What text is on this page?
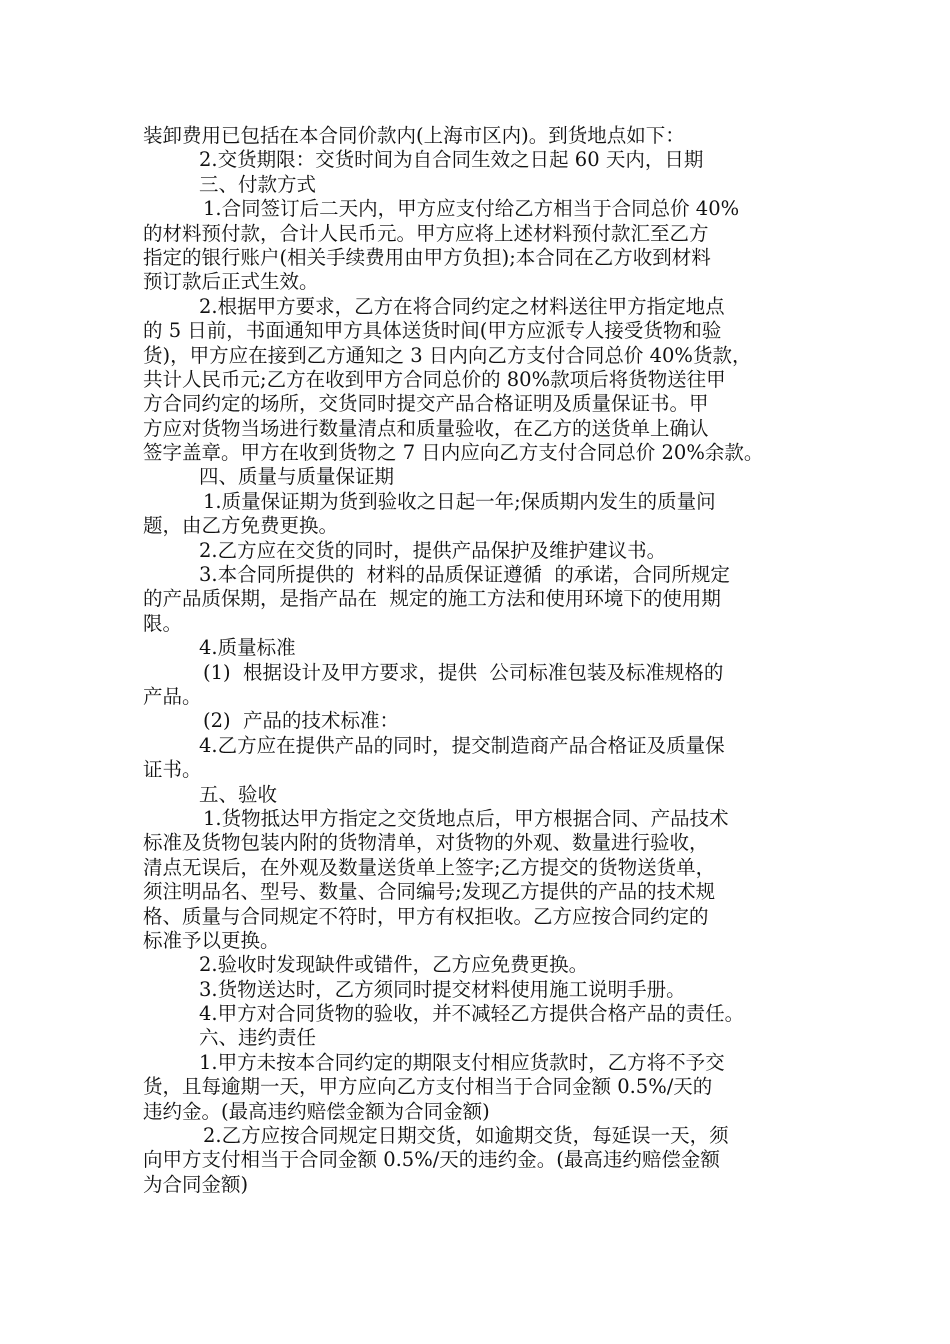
装卸费用已包括在本合同价款内(上海市区内)。到货地点如下：
2.交货期限：交货时间为自合同生效之日起 60 天内，日期
三、付款方式
1.合同签订后二天内，甲方应支付给乙方相当于合同总价 40%
的材料预付款，合计人民币元。甲方应将上述材料预付款汇至乙方
指定的银行账户(相关手续费用由甲方负担);本合同在乙方收到材料
预订款后正式生效。
2.根据甲方要求，乙方在将合同约定之材料送往甲方指定地点
的 5 日前，书面通知甲方具体送货时间(甲方应派专人接受货物和验
货)，甲方应在接到乙方通知之 3 日内向乙方支付合同总价 40%货款，
共计人民币元;乙方在收到甲方合同总价的 80%款项后将货物送往甲
方合同约定的场所，交货同时提交产品合格证明及质量保证书。甲
方应对货物当场进行数量清点和质量验收，在乙方的送货单上确认
签字盖章。甲方在收到货物之 7 日内应向乙方支付合同总价 20%余款。
四、质量与质量保证期
1.质量保证期为货到验收之日起一年;保质期内发生的质量问
题，由乙方免费更换。
2.乙方应在交货的同时，提供产品保护及维护建议书。
3.本合同所提供的  材料的品质保证遵循  的承诺，合同所规定
的产品质保期，是指产品在  规定的施工方法和使用环境下的使用期
限。
4.质量标准
(1)  根据设计及甲方要求，提供  公司标准包装及标准规格的
产品。
(2)  产品的技术标准：
4.乙方应在提供产品的同时，提交制造商产品合格证及质量保
证书。
五、验收
1.货物抵达甲方指定之交货地点后，甲方根据合同、产品技术
标准及货物包装内附的货物清单，对货物的外观、数量进行验收，
清点无误后，在外观及数量送货单上签字;乙方提交的货物送货单，
须注明品名、型号、数量、合同编号;发现乙方提供的产品的技术规
格、质量与合同规定不符时，甲方有权拒收。乙方应按合同约定的
标准予以更换。
2.验收时发现缺件或错件，乙方应免费更换。
3.货物送达时，乙方须同时提交材料使用施工说明手册。
4.甲方对合同货物的验收，并不减轻乙方提供合格产品的责任。
六、违约责任
1.甲方未按本合同约定的期限支付相应货款时，乙方将不予交
货，且每逾期一天，甲方应向乙方支付相当于合同金额 0.5%/天的
违约金。(最高违约赔偿金额为合同金额)
2.乙方应按合同规定日期交货，如逾期交货，每延误一天，须
向甲方支付相当于合同金额 0.5%/天的违约金。(最高违约赔偿金额
为合同金额)
